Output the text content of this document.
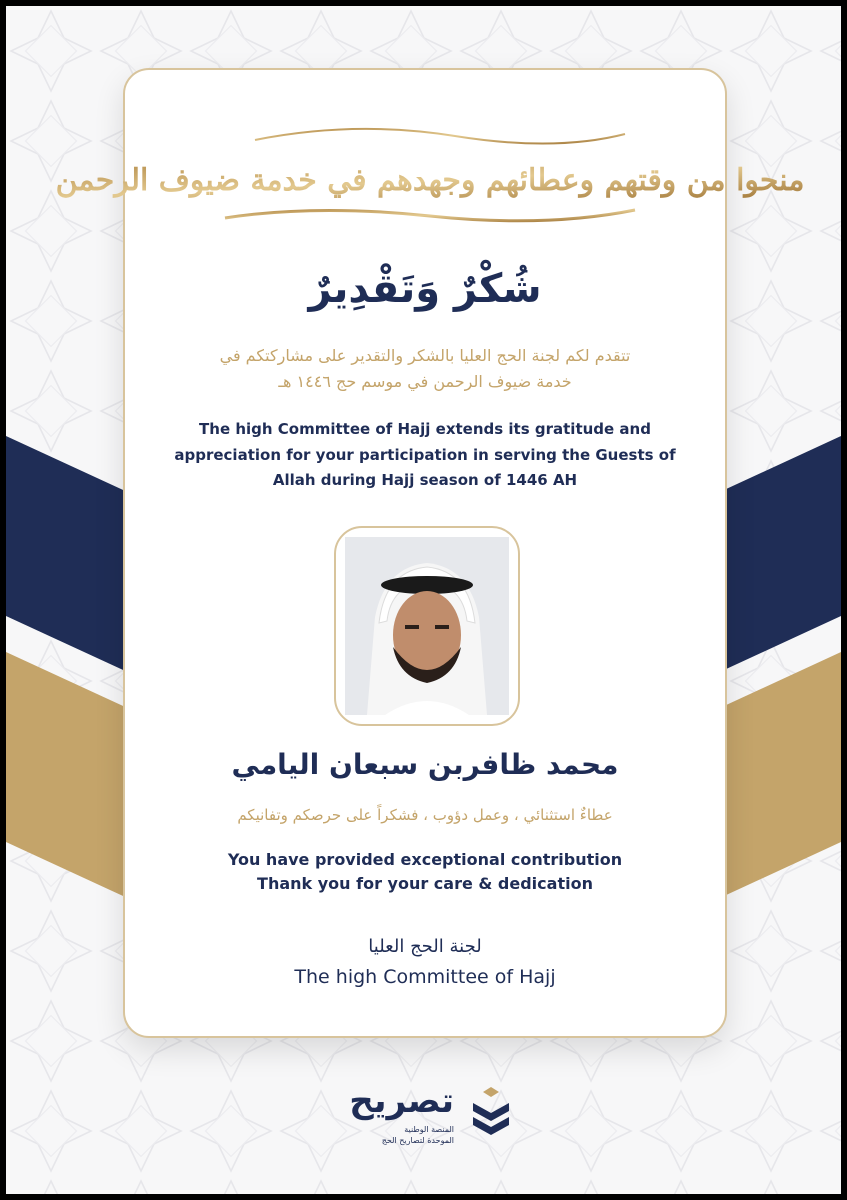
منحوا من وقتهم وعطائهم وجهدهم في خدمة ضيوف الرحمن

شُكْرٌ وَتَقْدِيرٌ

تتقدم لكم لجنة الحج العليا بالشكر والتقدير على مشاركتكم في

خدمة ضيوف الرحمن في موسم حج ١٤٤٦ هـ

The high Committee of Hajj extends its gratitude and

appreciation for your participation in serving the Guests of

Allah during Hajj season of 1446 AH

محمد ظافربن سبعان اليامي

عطاءٌ استثنائي ، وعمل دؤوب ، فشكراً على حرصكم وتفانيكم

You have provided exceptional contribution

Thank you for your care & dedication

لجنة الحج العليا

The high Committee of Hajj

تصريح
المنصة الوطنية
الموحدة لتصاريح الحج
